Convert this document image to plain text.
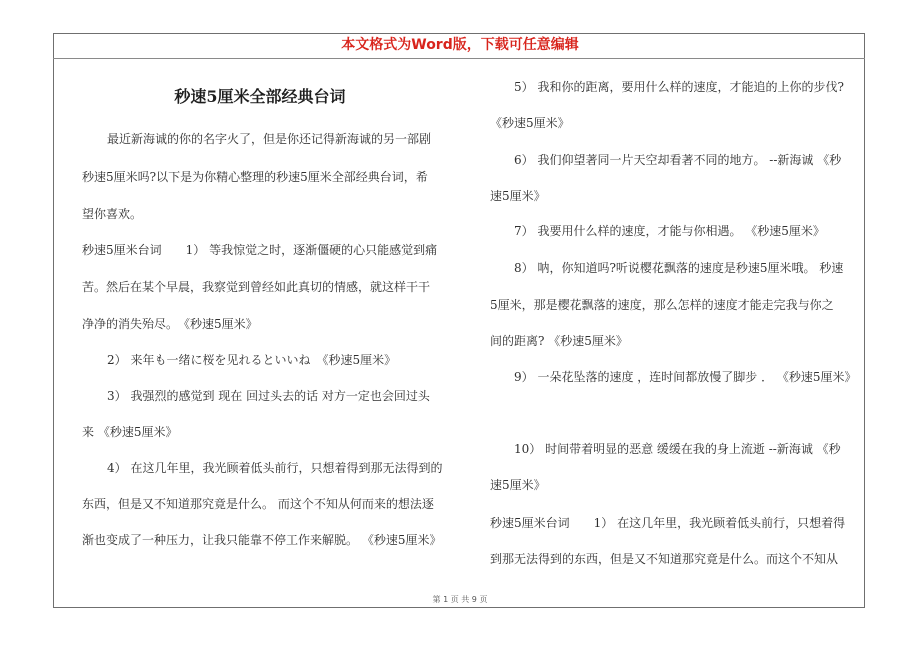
本文格式为Word版，下载可任意编辑
秒速5厘米全部经典台词

最近新海诚的你的名字火了，但是你还记得新海诚的另一部剧

秒速5厘米吗?以下是为你精心整理的秒速5厘米全部经典台词，希

望你喜欢。

秒速5厘米台词　　1） 等我惊觉之时，逐渐僵硬的心只能感觉到痛

苦。然后在某个早晨，我察觉到曾经如此真切的情感，就这样干干

净净的消失殆尽。　《秒速5厘米》

2） 来年も一绪に桜を见れるといいね　《秒速5厘米》

3） 我强烈的感觉到 现在 回过头去的话 对方一定也会回过头

来 《秒速5厘米》

4） 在这几年里，我光顾着低头前行，只想着得到那无法得到的

东西，但是又不知道那究竟是什么。 而这个不知从何而来的想法逐

渐也变成了一种压力，让我只能靠不停工作来解脱。 《秒速5厘米》

5） 我和你的距离，要用什么样的速度，才能追的上你的步伐?

《秒速5厘米》

6） 我们仰望著同一片天空却看著不同的地方。 --新海诚 《秒

速5厘米》

7） 我要用什么样的速度，才能与你相遇。 《秒速5厘米》

8） 呐，你知道吗?听说樱花飘落的速度是秒速5厘米哦。 秒速

5厘米，那是樱花飘落的速度，那么怎样的速度才能走完我与你之

间的距离? 《秒速5厘米》

9） 一朵花坠落的速度 ，连时间都放慢了脚步 ． 《秒速5厘米》

10） 时间带着明显的恶意 缓缓在我的身上流逝 --新海诚 《秒

速5厘米》

秒速5厘米台词　　1） 在这几年里，我光顾着低头前行，只想着得

到那无法得到的东西，但是又不知道那究竟是什么。而这个不知从

第 1 页 共 9 页
